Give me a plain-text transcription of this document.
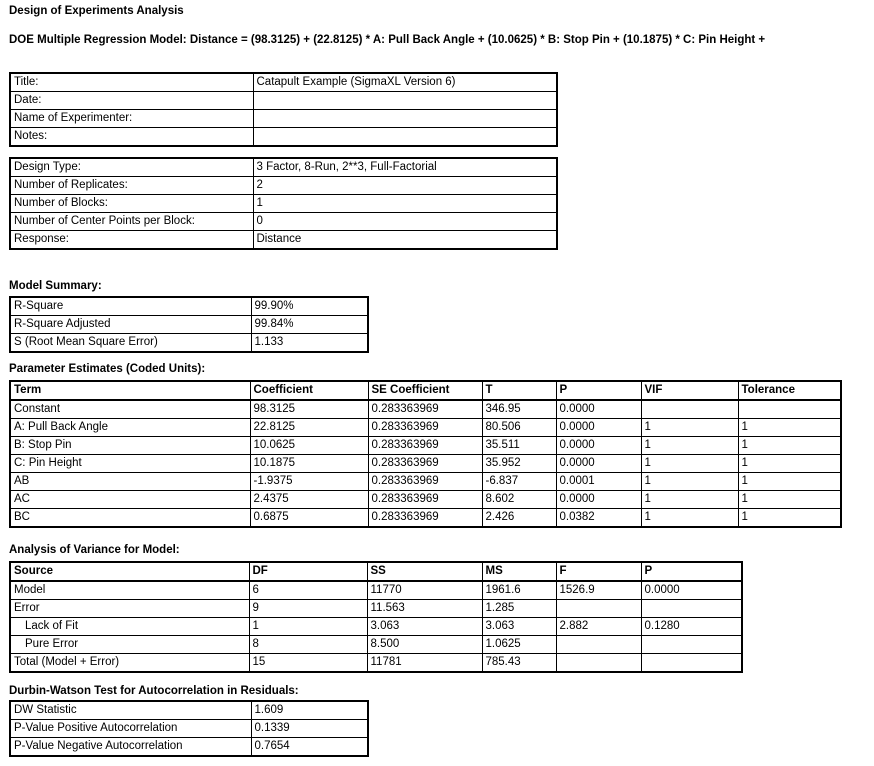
Design of Experiments Analysis
DOE Multiple Regression Model: Distance = (98.3125) + (22.8125) * A: Pull Back Angle + (10.0625) * B: Stop Pin + (10.1875) * C: Pin Height +
Title:	Catapult Example (SigmaXL Version 6)
Date:	
Name of Experimenter:	
Notes:	
Design Type:	3 Factor, 8-Run, 2**3, Full-Factorial
Number of Replicates:	2
Number of Blocks:	1
Number of Center Points per Block:	0
Response:	Distance
Model Summary:
R-Square	99.90%
R-Square Adjusted	99.84%
S (Root Mean Square Error)	1.133
Parameter Estimates (Coded Units):
Term	Coefficient	SE Coefficient	T	P	VIF	Tolerance
Constant	98.3125	0.283363969	346.95	0.0000		
A: Pull Back Angle	22.8125	0.283363969	80.506	0.0000	1	1
B: Stop Pin	10.0625	0.283363969	35.511	0.0000	1	1
C: Pin Height	10.1875	0.283363969	35.952	0.0000	1	1
AB	-1.9375	0.283363969	-6.837	0.0001	1	1
AC	2.4375	0.283363969	8.602	0.0000	1	1
BC	0.6875	0.283363969	2.426	0.0382	1	1
Analysis of Variance for Model:
Source	DF	SS	MS	F	P
Model	6	11770	1961.6	1526.9	0.0000
Error	9	11.563	1.285		
Lack of Fit	1	3.063	3.063	2.882	0.1280
Pure Error	8	8.500	1.0625		
Total (Model + Error)	15	11781	785.43		
Durbin-Watson Test for Autocorrelation in Residuals:
DW Statistic	1.609
P-Value Positive Autocorrelation	0.1339
P-Value Negative Autocorrelation	0.7654
